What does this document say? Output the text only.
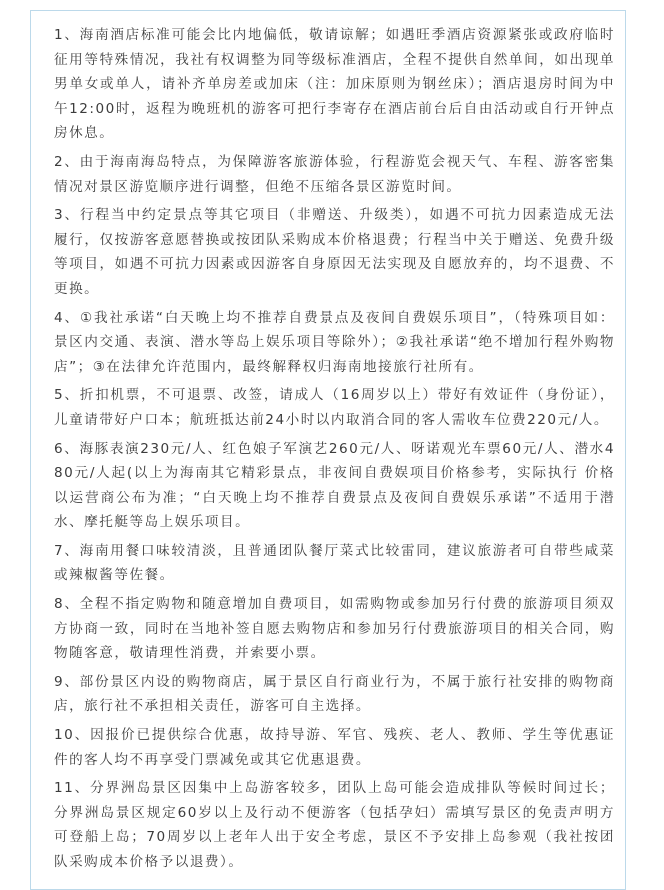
1、海南酒店标准可能会比内地偏低，敬请谅解；如遇旺季酒店资源紧张或政府临时征用等特殊情况，我社有权调整为同等级标准酒店，全程不提供自然单间，如出现单男单女或单人，请补齐单房差或加床（注：加床原则为钢丝床）；酒店退房时间为中午12:00时，返程为晚班机的游客可把行李寄存在酒店前台后自由活动或自行开钟点房休息。
2、由于海南海岛特点，为保障游客旅游体验，行程游览会视天气、车程、游客密集情况对景区游览顺序进行调整，但绝不压缩各景区游览时间。
3、行程当中约定景点等其它项目（非赠送、升级类），如遇不可抗力因素造成无法履行，仅按游客意愿替换或按团队采购成本价格退费；行程当中关于赠送、免费升级等项目，如遇不可抗力因素或因游客自身原因无法实现及自愿放弃的，均不退费、不更换。
4、①我社承诺“白天晚上均不推荐自费景点及夜间自费娱乐项目”，（特殊项目如：景区内交通、表演、潜水等岛上娱乐项目等除外）；②我社承诺“绝不增加行程外购物店”；③在法律允许范围内，最终解释权归海南地接旅行社所有。
5、折扣机票，不可退票、改签，请成人（16周岁以上）带好有效证件（身份证），儿童请带好户口本；航班抵达前24小时以内取消合同的客人需收车位费220元/人。
6、海豚表演230元/人、红色娘子军演艺260元/人、呀诺观光车票60元/人、潜水480元/人起(以上为海南其它精彩景点，非夜间自费娱项目价格参考，实际执行 价格以运营商公布为准；“白天晚上均不推荐自费景点及夜间自费娱乐承诺”不适用于潜水、摩托艇等岛上娱乐项目。
7、海南用餐口味较清淡，且普通团队餐厅菜式比较雷同，建议旅游者可自带些咸菜或辣椒酱等佐餐。
8、全程不指定购物和随意增加自费项目，如需购物或参加另行付费的旅游项目须双方协商一致，同时在当地补签自愿去购物店和参加另行付费旅游项目的相关合同，购物随客意，敬请理性消费，并索要小票。
9、部份景区内设的购物商店，属于景区自行商业行为，不属于旅行社安排的购物商店，旅行社不承担相关责任，游客可自主选择。
10、因报价已提供综合优惠，故持导游、军官、残疾、老人、教师、学生等优惠证件的客人均不再享受门票减免或其它优惠退费。
11、分界洲岛景区因集中上岛游客较多，团队上岛可能会造成排队等候时间过长；分界洲岛景区规定60岁以上及行动不便游客（包括孕妇）需填写景区的免责声明方可登船上岛；70周岁以上老年人出于安全考虑，景区不予安排上岛参观（我社按团队采购成本价格予以退费）。
